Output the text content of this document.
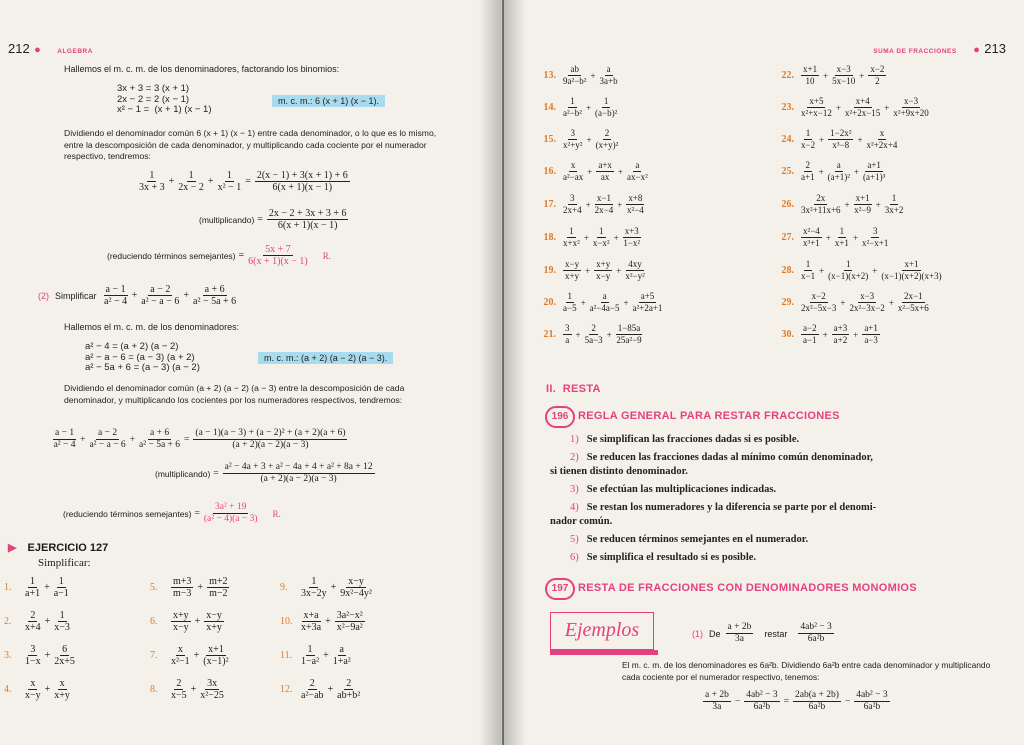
212 ●	ALGEBRA
Hallemos el m. c. m. de los denominadores, factorando los binomios:
3x + 3 = 3 (x + 1)
2x − 2 = 2 (x − 1)
x² − 1 =  (x + 1) (x − 1)
m. c. m.: 6 (x + 1) (x − 1).
Dividiendo el denominador común 6 (x + 1) (x − 1) entre cada denominador, o lo que es lo mismo, entre la descomposición de cada denominador, y multiplicando cada cociente por el numerador respectivo, tendremos:
1
3x + 3
+ $\frac{1}{2x - 2} + \frac{1}{\text{x² − 1}} = \frac{2(x - 1) + 3(x + 1) + 6}{6(x + 1)(x - 1)}$
(multiplicando) = $\frac{2x - 2 + 3x + 3 + 6}{6(x + 1)(x - 1)}$
(reduciendo términos semejantes) = $\frac{5x + 7}{6(x + 1)(x - 1)} R$.
(2) Simplificar
a − 1
a² − 4
+ $\frac{a - 2}{\text{a² − a − 6}} + \frac{a + 6}{\text{a² − 5a + 6}}$
Hallemos el m. c. m. de los denominadores:
a² − 4 = (a + 2) (a − 2)
a² − a − 6 = (a − 3) (a + 2)
a² − 5a + 6 = (a − 3) (a − 2)
m. c. m.: (a + 2) (a − 2) (a − 3).
Dividiendo el denominador común (a + 2) (a − 2) (a − 3) entre la descomposición de cada denominador, y multiplicando los cocientes por los numeradores respectivos, tendremos:
a − 1
a² − 4
+ $\frac{a - 2}{\text{a² − a − 6}} + \frac{a + 6}{\text{a² − 5a + 6}} = \frac{\text{(a − 1)(a − 3) + (a − 2)² + (a + 2)(a + 6)}}{(a + 2)(a - 2)(a - 3)}$
(multiplicando) = $\frac{\text{a² − 4a + 3 + a² − 4a + 4 + a² + 8a + 12}}{(a + 2)(a - 2)(a - 3)}$
(reduciendo términos semejantes) = $\frac{\text{3a² + 19}}{\text{(a² − 4)(a − 3)}} R$.
▶ EJERCICIO 127
Simplificar:
1.
1
a+1
+ $\frac{1}{a-1}$
2.
2
x+4
+ $\frac{1}{x-3}$
3.
3
1−x
+ $\frac{6}{2x+5}$
4.
x
x−y
+ $\frac{x}{x+y}$
5.
m+3
m−3
+ $\frac{m+2}{m-2}$
6.
x+y
x−y
+ $\frac{x-y}{x+y}$
7.
x
x²−1
+ $\frac{x+1}{\text{(x−1)²}}$
8.
2
x−5
+ $\frac{3x}{\text{x²−25}}$
9.
1
3x−2y
+ $\frac{x-y}{\text{9x²−4y²}}$
10.
x+a
x+3a
+ $\frac{\text{3a²−x²}}{\text{x²−9a²}}$
11.
1
1−a²
+ $\frac{a}{\text{1+a²}}$
12.
2
a²−ab
+ $\frac{2}{\text{ab+b²}}$
SUMA DE FRACCIONES ● 213
13.
ab
9a²−b²
+ $\frac{a}{3a+b}$
14.
1
a²−b²
+ $\frac{1}{\text{(a−b)²}}$
15.
3
x²+y²
+ $\frac{2}{\text{(x+y)²}}$
16.
x
a²−ax
+ $\frac{a+x}{ax} + \frac{a}{\text{ax−x²}}$
17.
3
2x+4
+ $\frac{x-1}{2x-4} + \frac{x+8}{\text{x²−4}}$
18.
1
x+x²
+ $\frac{1}{\text{x−x²}} + \frac{x+3}{\text{1−x²}}$
19.
x−y
x+y
+ $\frac{x+y}{x-y} + \frac{4xy}{\text{x²−y²}}$
20.
1
a−5
+ $\frac{a}{\text{a²−4a−5}} + \frac{a+5}{\text{a²+2a+1}}$
21.
3
a
+ $\frac{2}{5a-3} + \frac{1-85a}{\text{25a²−9}}$
22.
x+1
10
+ $\frac{x-3}{5x-10} + \frac{x-2}{2}$
23.
x+5
x²+x−12
+ $\frac{x+4}{\text{x²+2x−15}} + \frac{x-3}{\text{x²+9x+20}}$
24.
1
x−2
+ $\frac{\text{1−2x²}}{\text{x³−8}} + \frac{x}{\text{x²+2x+4}}$
25.
2
a+1
+ $\frac{a}{\text{(a+1)²}} + \frac{a+1}{\text{(a+1)³}}$
26.
2x
3x²+11x+6
+ $\frac{x+1}{\text{x²−9}} + \frac{1}{3x+2}$
27.
x²−4
x³+1
+ $\frac{1}{x+1} + \frac{3}{\text{x²−x+1}}$
28.
1
x−1
+ $\frac{1}{(x-1)(x+2)} + \frac{x+1}{(x-1)(x+2)(x+3)}$
29.
x−2
2x²−5x−3
+ $\frac{x-3}{\text{2x²−3x−2}} + \frac{2x-1}{\text{x²−5x+6}}$
30.
a−2
a−1
+ $\frac{a+3}{a+2} + \frac{a+1}{a-3}$
II. RESTA
196 REGLA GENERAL PARA RESTAR FRACCIONES
1) Se simplifican las fracciones dadas si es posible.
2) Se reducen las fracciones dadas al mínimo común denominador,
si tienen distinto denominador.
3) Se efectúan las multiplicaciones indicadas.
4) Se restan los numeradores y la diferencia se parte por el denomi-
nador común.
5) Se reducen términos semejantes en el numerador.
6) Se simplifica el resultado si es posible.
197 RESTA DE FRACCIONES CON DENOMINADORES MONOMIOS
Ejemplos	(1) De
a + 2b
3a
restar
4ab² − 3
6a²b
El m. c. m. de los denominadores es 6a²b. Dividiendo 6a²b entre cada denominador y multiplicando cada cociente por el numerador respectivo, tenemos:
a + 2b
3a
− $\frac{\text{4ab² − 3}}{\text{6a²b}} = \frac{2ab(a + 2b)}{\text{6a²b}} - \frac{\text{4ab² − 3}}{\text{6a²b}}$
